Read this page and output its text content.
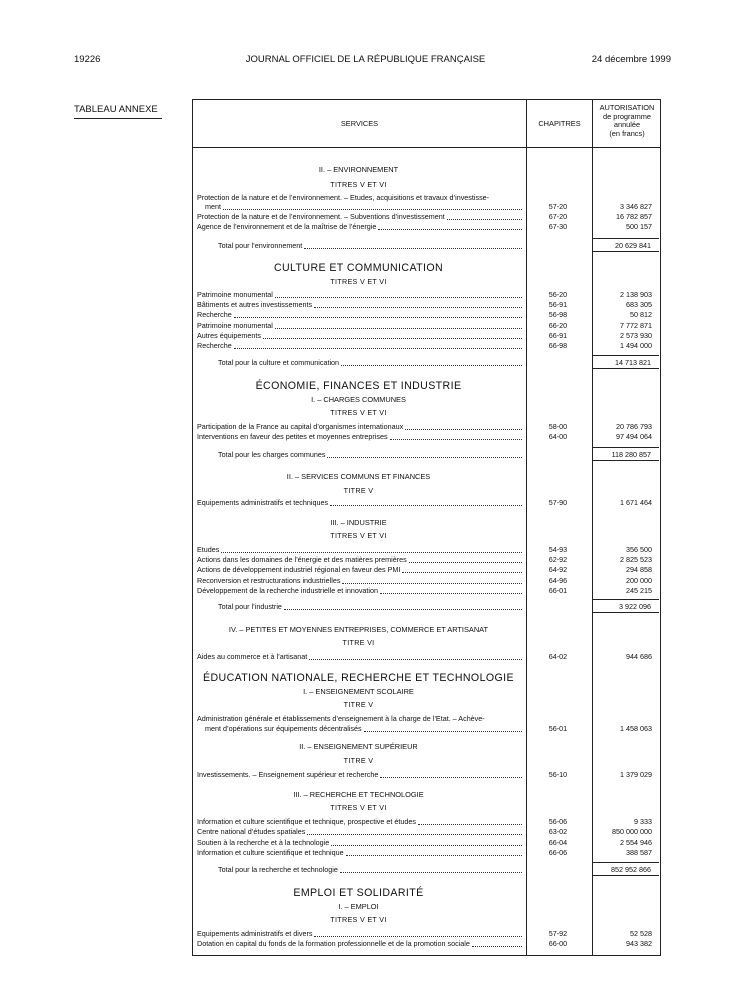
19226	JOURNAL OFFICIEL DE LA RÉPUBLIQUE FRANÇAISE	24 décembre 1999
TABLEAU ANNEXE
SERVICES	CHAPITRES
AUTORISATION
de programme
annulée
(en francs)
II. – ENVIRONNEMENT
TITRES V ET VI
Protection de la nature et de l’environnement. – Etudes, acquisitions et travaux d’investisse-
ment	57-20	3 346 827
Protection de la nature et de l’environnement. – Subventions d’investissement	67-20	16 782 857
Agence de l’environnement et de la maîtrise de l’énergie	67-30	500 157
Total pour l’environnement	20 629 841
CULTURE ET COMMUNICATION
TITRES V ET VI
Patrimoine monumental	56-20	2 138 903
Bâtiments et autres investissements	56-91	683 305
Recherche	56-98	50 812
Patrimoine monumental	66-20	7 772 871
Autres équipements	66-91	2 573 930
Recherche	66-98	1 494 000
Total pour la culture et communication	14 713 821
ÉCONOMIE, FINANCES ET INDUSTRIE
I. – CHARGES COMMUNES
TITRES V ET VI
Participation de la France au capital d’organismes internationaux	58-00	20 786 793
Interventions en faveur des petites et moyennes entreprises	64-00	97 494 064
Total pour les charges communes	118 280 857
II. – SERVICES COMMUNS ET FINANCES
TITRE V
Equipements administratifs et techniques	57-90	1 671 464
III. – INDUSTRIE
TITRES V ET VI
Etudes	54-93	356 500
Actions dans les domaines de l’énergie et des matières premières	62-92	2 825 523
Actions de développement industriel régional en faveur des PMI	64-92	294 858
Reconversion et restructurations industrielles	64-96	200 000
Développement de la recherche industrielle et innovation	66-01	245 215
Total pour l’industrie	3 922 096
IV. – PETITES ET MOYENNES ENTREPRISES, COMMERCE ET ARTISANAT
TITRE VI
Aides au commerce et à l’artisanat	64-02	944 686
ÉDUCATION NATIONALE, RECHERCHE ET TECHNOLOGIE
I. – ENSEIGNEMENT SCOLAIRE
TITRE V
Administration générale et établissements d’enseignement à la charge de l’Etat. – Achève-
ment d’opérations sur équipements décentralisés	56-01	1 458 063
II. – ENSEIGNEMENT SUPÉRIEUR
TITRE V
Investissements. – Enseignement supérieur et recherche	56-10	1 379 029
III. – RECHERCHE ET TECHNOLOGIE
TITRES V ET VI
Information et culture scientifique et technique, prospective et études	56-06	9 333
Centre national d’études spatiales	63-02	850 000 000
Soutien à la recherche et à la technologie	66-04	2 554 946
Information et culture scientifique et technique	66-06	388 587
Total pour la recherche et technologie	852 952 866
EMPLOI ET SOLIDARITÉ
I. – EMPLOI
TITRES V ET VI
Equipements administratifs et divers	57-92	52 528
Dotation en capital du fonds de la formation professionnelle et de la promotion sociale	66-00	943 382
